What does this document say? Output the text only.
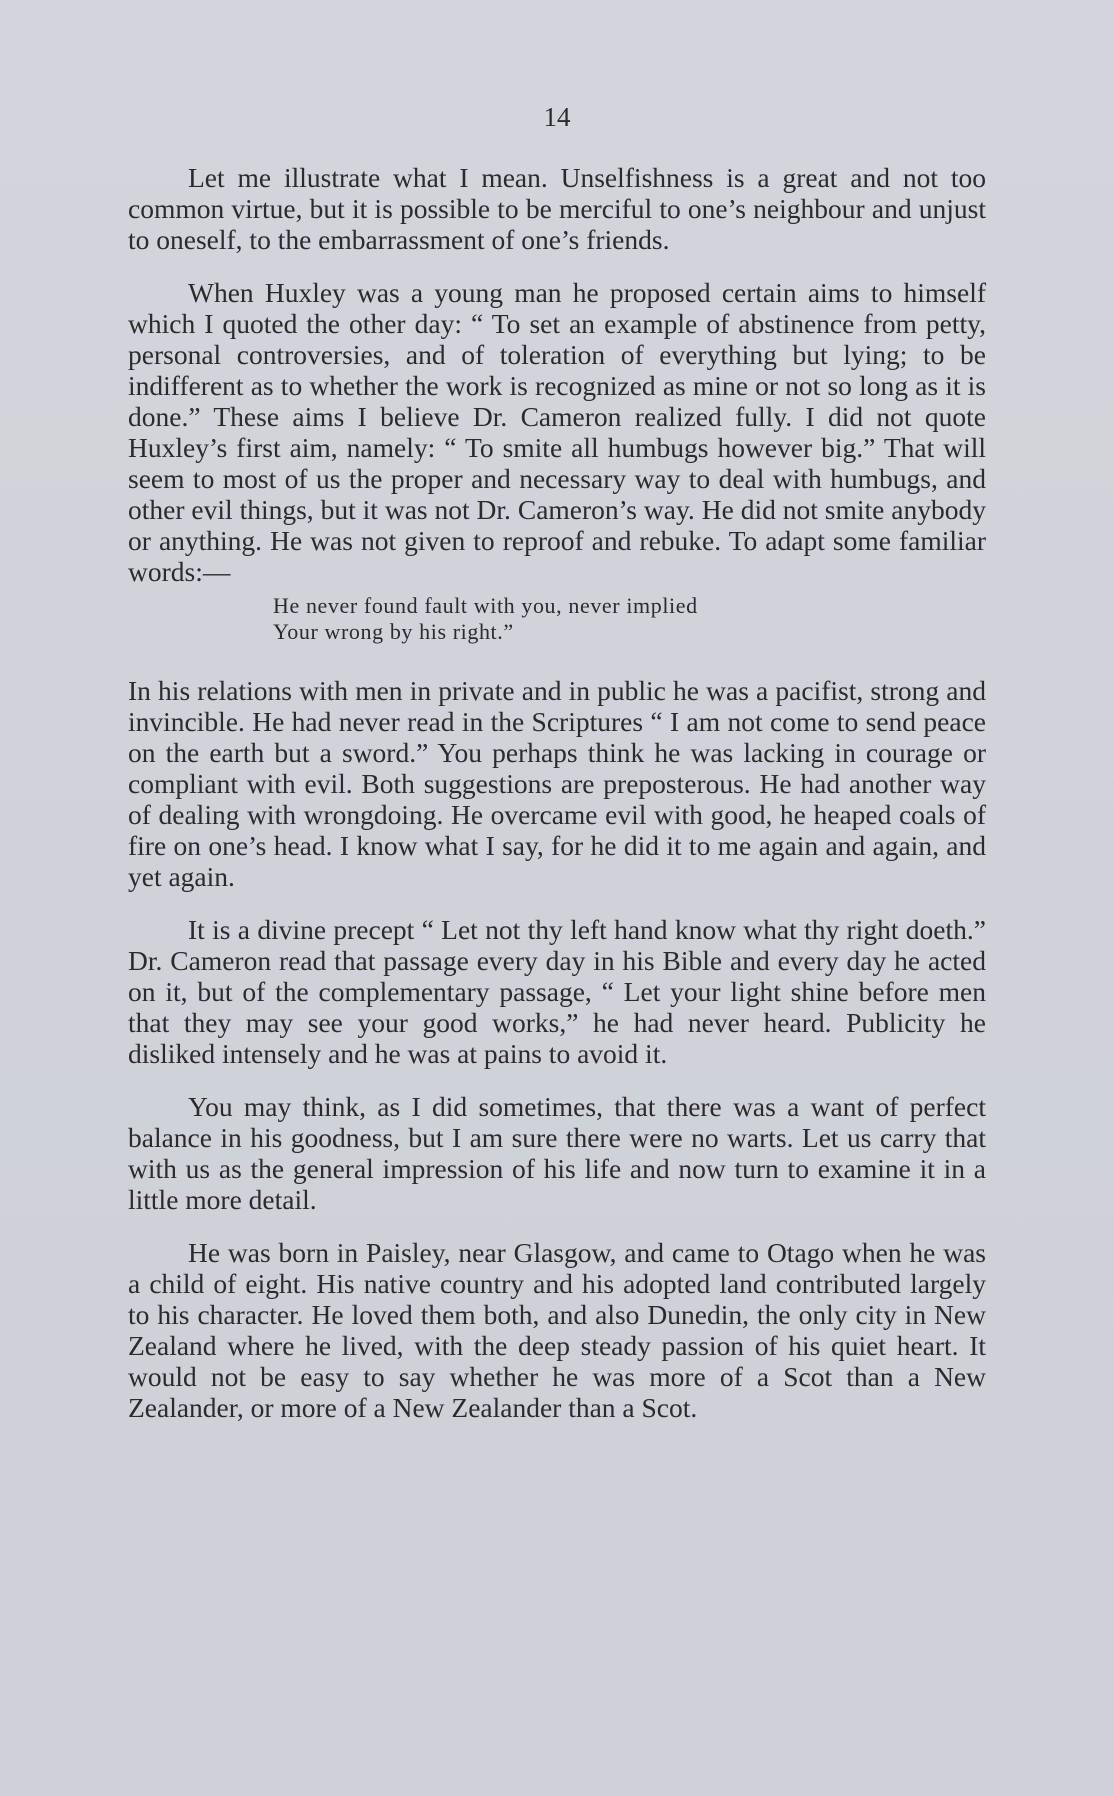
14

Let me illustrate what I mean. Unselfishness is a great and not too common virtue, but it is possible to be merciful to one’s neighbour and unjust to oneself, to the embarrassment of one’s friends.

When Huxley was a young man he proposed certain aims to himself which I quoted the other day: “ To set an example of abstinence from petty, personal controversies, and of toleration of everything but lying; to be indifferent as to whether the work is recognized as mine or not so long as it is done.” These aims I believe Dr. Cameron realized fully. I did not quote Huxley’s first aim, namely: “ To smite all humbugs however big.” That will seem to most of us the proper and necessary way to deal with humbugs, and other evil things, but it was not Dr. Cameron’s way. He did not smite anybody or anything. He was not given to reproof and rebuke. To adapt some familiar words:—

He never found fault with you, never implied
Your wrong by his right.”

In his relations with men in private and in public he was a pacifist, strong and invincible. He had never read in the Scriptures “ I am not come to send peace on the earth but a sword.” You perhaps think he was lacking in courage or compliant with evil. Both suggestions are preposterous. He had another way of dealing with wrongdoing. He overcame evil with good, he heaped coals of fire on one’s head. I know what I say, for he did it to me again and again, and yet again.

It is a divine precept “ Let not thy left hand know what thy right doeth.” Dr. Cameron read that passage every day in his Bible and every day he acted on it, but of the complementary passage, “ Let your light shine before men that they may see your good works,” he had never heard. Publicity he disliked intensely and he was at pains to avoid it.

You may think, as I did sometimes, that there was a want of perfect balance in his goodness, but I am sure there were no warts. Let us carry that with us as the general impression of his life and now turn to examine it in a little more detail.

He was born in Paisley, near Glasgow, and came to Otago when he was a child of eight. His native country and his adopted land contributed largely to his character. He loved them both, and also Dunedin, the only city in New Zealand where he lived, with the deep steady passion of his quiet heart. It would not be easy to say whether he was more of a Scot than a New Zealander, or more of a New Zealander than a Scot.
